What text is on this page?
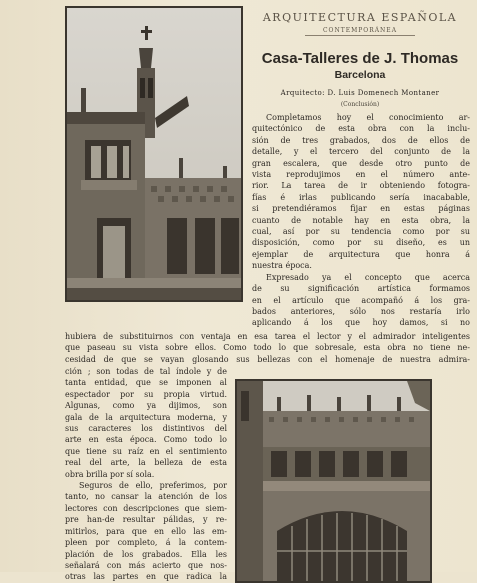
ARQUITECTURA ESPAÑOLA
CONTEMPORÁNEA
Casa-Talleres de J. Thomas
Barcelona
Arquitecto: D. Luis Domenech Montaner
(Conclusión)
Completamos hoy el conocimiento ar-
quitectónico de esta obra con la inclu-
sión de tres grabados, dos de ellos de
detalle, y el tercero del conjunto de la
gran escalera, que desde otro punto de
vista reprodujimos en el número ante-
rior. La tarea de ir obteniendo fotogra-
fías é irlas publicando sería inacabable,
si pretendiéramos fijar en estas páginas
cuanto de notable hay en esta obra, la
cual, así por su tendencia como por su
disposición, como por su diseño, es un
ejemplar de arquitectura que honra á
nuestra época.
Expresado ya el concepto que acerca
de su significación artística formamos
en el artículo que acompañó á los gra-
bados anteriores, sólo nos restaría irlo
aplicando á los que hoy damos, si no
hubiera de substituirnos con ventaja en esa tarea el lector y el admirador inteligentes
que paseau su vista sobre ellos. Como todo lo que sobresale, esta obra no tiene ne-
cesidad de que se vayan glosando sus bellezas con el homenaje de nuestra admira-
ción ; son todas de tal índole y de
tanta entidad, que se imponen al
espectador por su propia virtud.
Algunas, como ya dijimos, son
gala de la arquitectura moderna, y
sus caracteres los distintivos del
arte en esta época. Como todo lo
que tiene su raíz en el sentimiento
real del arte, la belleza de esta
obra brilla por sí sola.
Seguros de ello, preferimos, por
tanto, no cansar la atención de los
lectores con descripciones que siem-
pre han-de resultar pálidas, y re-
mitirlos, para que en ello las em-
pleen por completo, á la contem-
plación de los grabados. Ella les
señalará con más acierto que nos-
otras las partes en que radica la
